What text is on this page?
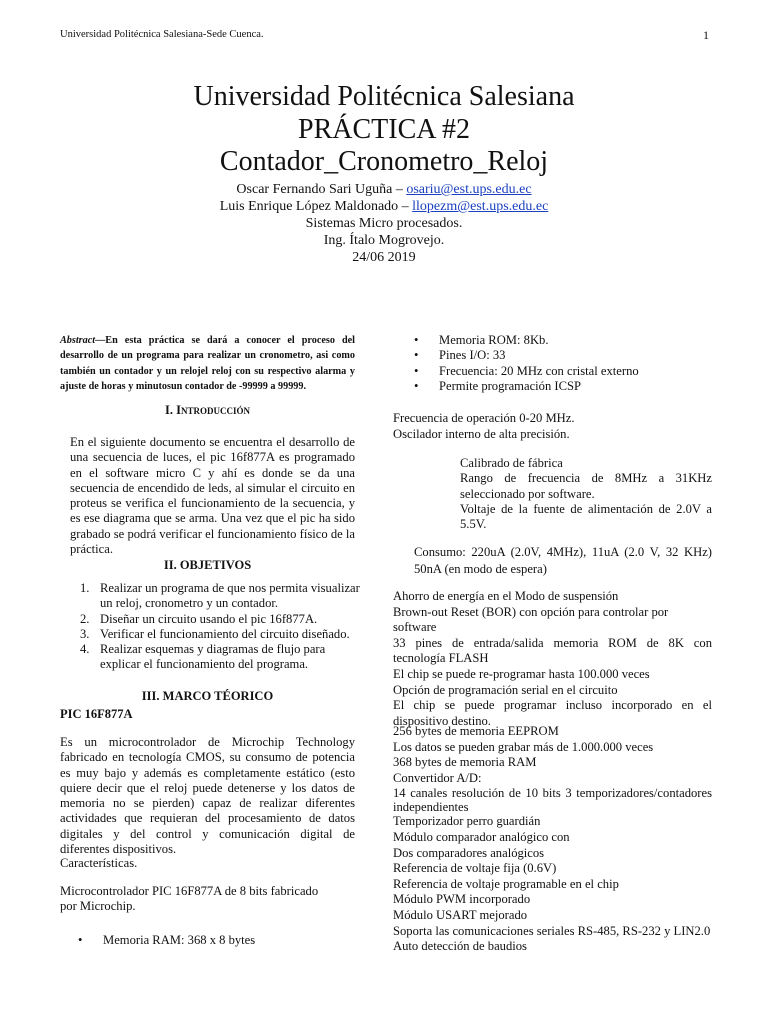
Universidad Politécnica Salesiana-Sede Cuenca.	1
Universidad Politécnica Salesiana
PRÁCTICA #2
Contador_Cronometro_Reloj
Oscar Fernando Sari Uguña – osariu@est.ups.edu.ec
Luis Enrique López Maldonado – llopezm@est.ups.edu.ec
Sistemas Micro procesados.
Ing. Ítalo Mogrovejo.
24/06 2019
Abstract—En esta práctica se dará a conocer el proceso del desarrollo de un programa para realizar un cronometro, asi como también un contador y un relojel reloj con su respectivo alarma y ajuste de horas y minutosun contador de -99999 a 99999.
I. Introducción
En el siguiente documento se encuentra el desarrollo de una secuencia de luces, el pic 16f877A es programado en el software micro C y ahí es donde se da una secuencia de encendido de leds, al simular el circuito en proteus se verifica el funcionamiento de la secuencia, y es ese diagrama que se arma. Una vez que el pic ha sido grabado se podrá verificar el funcionamiento físico de la práctica.
II. OBJETIVOS
1. Realizar un programa de que nos permita visualizar un reloj, cronometro y un contador.
2. Diseñar un circuito usando el pic 16f877A.
3. Verificar el funcionamiento del circuito diseñado.
4. Realizar esquemas y diagramas de flujo para explicar el funcionamiento del programa.
III. MARCO TÉORICO
PIC 16F877A
Es un microcontrolador de Microchip Technology fabricado en tecnología CMOS, su consumo de potencia es muy bajo y además es completamente estático (esto quiere decir que el reloj puede detenerse y los datos de memoria no se pierden) capaz de realizar diferentes actividades que requieran del procesamiento de datos digitales y del control y comunicación digital de diferentes dispositivos.
Características.
Microcontrolador PIC 16F877A de 8 bits fabricado por Microchip.
• Memoria RAM: 368 x 8 bytes
• Memoria ROM: 8Kb.
• Pines I/O: 33
• Frecuencia: 20 MHz con cristal externo
• Permite programación ICSP
Frecuencia de operación 0-20 MHz.
Oscilador interno de alta precisión.
Calibrado de fábrica
Rango de frecuencia de 8MHz a 31KHz seleccionado por software.
Voltaje de la fuente de alimentación de 2.0V a 5.5V.
Consumo: 220uA (2.0V, 4MHz), 11uA (2.0 V, 32 KHz) 50nA (en modo de espera)
Ahorro de energía en el Modo de suspensión
Brown-out Reset (BOR) con opción para controlar por software
33 pines de entrada/salida memoria ROM de 8K con tecnología FLASH
El chip se puede re-programar hasta 100.000 veces
Opción de programación serial en el circuito
El chip se puede programar incluso incorporado en el dispositivo destino.
256 bytes de memoria EEPROM
Los datos se pueden grabar más de 1.000.000 veces
368 bytes de memoria RAM
Convertidor A/D:
14 canales resolución de 10 bits 3 temporizadores/contadores independientes
Temporizador perro guardián
Módulo comparador analógico con
Dos comparadores analógicos
Referencia de voltaje fija (0.6V)
Referencia de voltaje programable en el chip
Módulo PWM incorporado
Módulo USART mejorado
Soporta las comunicaciones seriales RS-485, RS-232 y LIN2.0
Auto detección de baudios
